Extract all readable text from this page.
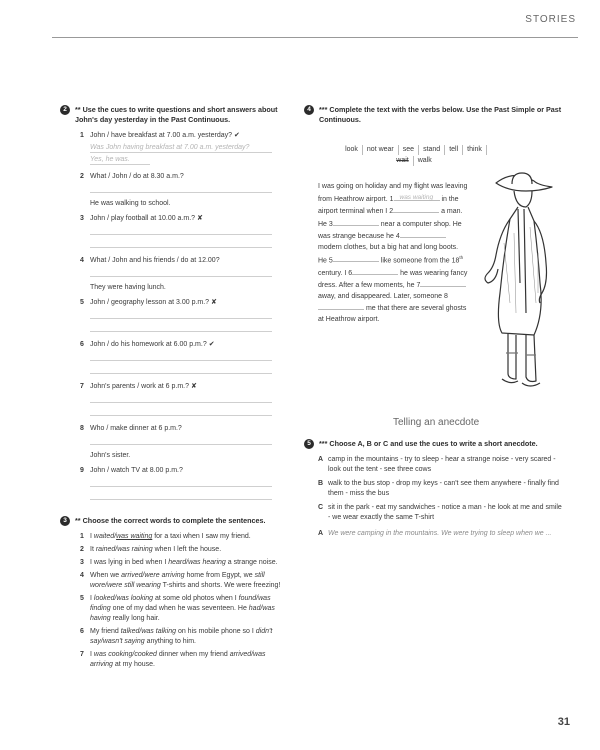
STORIES
2	** Use the cues to write questions and short answers about John's day yesterday in the Past Continuous.
1 John / have breakfast at 7.00 a.m. yesterday? ✔
Was John having breakfast at 7.00 a.m. yesterday?
Yes, he was.
2 What / John / do at 8.30 a.m.?
He was walking to school.
3 John / play football at 10.00 a.m.? ✘
4 What / John and his friends / do at 12.00?
They were having lunch.
5 John / geography lesson at 3.00 p.m.? ✘
6 John / do his homework at 6.00 p.m.? ✔
7 John's parents / work at 6 p.m.? ✘
8 Who / make dinner at 6 p.m.?
John's sister.
9 John / watch TV at 8.00 p.m.?
3	** Choose the correct words to complete the sentences.
1 I waited/was waiting for a taxi when I saw my friend.
2 It rained/was raining when I left the house.
3 I was lying in bed when I heard/was hearing a strange noise.
4 When we arrived/were arriving home from Egypt, we still wore/were still wearing T-shirts and shorts. We were freezing!
5 I looked/was looking at some old photos when I found/was finding one of my dad when he was seventeen. He had/was having really long hair.
6 My friend talked/was talking on his mobile phone so I didn't say/wasn't saying anything to him.
7 I was cooking/cooked dinner when my friend arrived/was arriving at my house.
4	*** Complete the text with the verbs below. Use the Past Simple or Past Continuous.
look	not wear	see	stand	tell	think
wait	walk
I was going on holiday and my flight was leaving from Heathrow airport. 1 was waiting in the airport terminal when I 2	a man. He 3	near a computer shop. He was strange because he 4 modern clothes, but a big hat and long boots. He 5	like someone from the 18th century. I 6	he was wearing fancy dress. After a few moments, he 7 away, and disappeared. Later, someone 8 me that there are several ghosts at Heathrow airport.
Telling an anecdote
5	*** Choose A, B or C and use the cues to write a short anecdote.
A camp in the mountains - try to sleep - hear a strange noise - very scared - look out the tent - see three cows
B walk to the bus stop - drop my keys - can't see them anywhere - finally find them - miss the bus
C sit in the park - eat my sandwiches - notice a man - he look at me and smile - we wear exactly the same T-shirt
A We were camping in the mountains. We were trying to sleep when we ...
31
